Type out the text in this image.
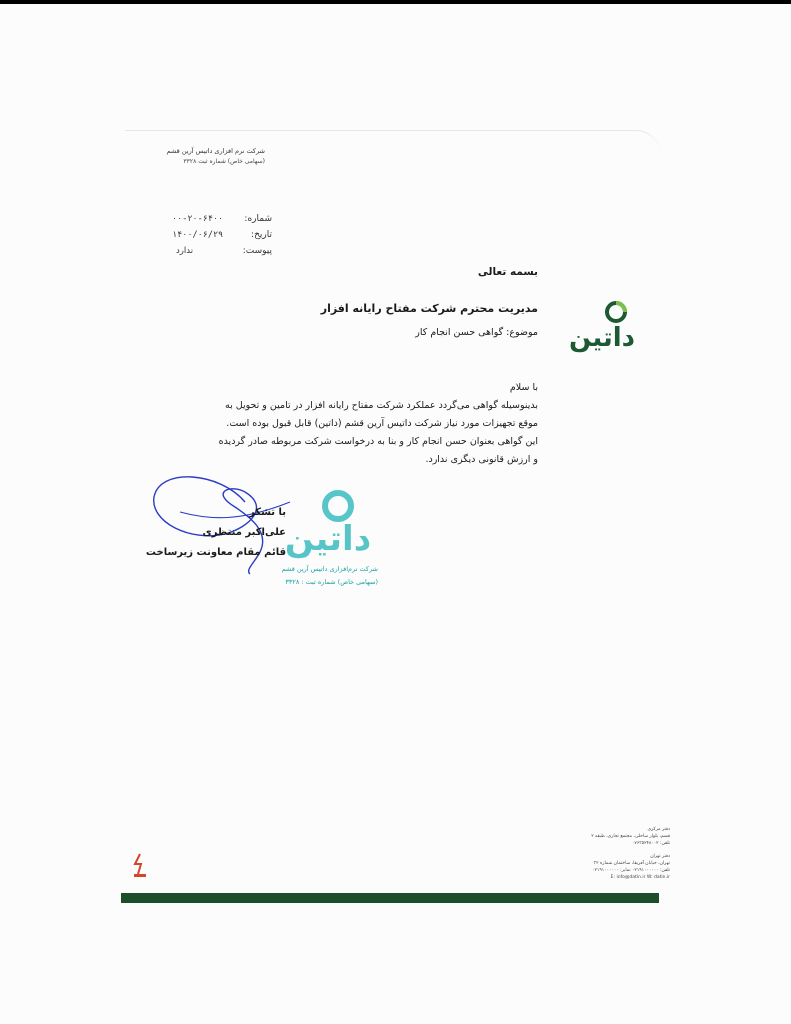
شرکت نرم افزاری داتیس آرین قشم
(سهامی خاص) شماره ثبت ۳۳۲۸
شماره:
۰۰-۲۰-۶۴۰۰
تاریخ:
۱۴۰۰/۰۶/۲۹
پیوست:
ندارد
داتین
بسمه تعالی
مدیریت محترم شرکت مفتاح رایانه افزار
موضوع: گواهی حسن انجام کار

با سلام

بدینوسیله گواهی می‌گردد عملکرد شرکت مفتاح رایانه افزار در تامین و تحویل به

موقع تجهیزات مورد نیاز شرکت داتیس آرین قشم (داتین) قابل قبول بوده است.

این گواهی بعنوان حسن انجام کار و بنا به درخواست شرکت مربوطه صادر گردیده

و ارزش قانونی دیگری ندارد.

داتین
شرکت نرم‌افزاری داتیس آرین قشم
(سهامی خاص) شماره ثبت : ۳۳۲۸
با تشکر
علی‌اکبر منتظری
قائم مقام معاونت زیرساخت
دفتر مرکزی
قشم، بلوار ساحلی، مجتمع تجاری، طبقه ۲
تلفن: ۰۷۶۳۵۲۴۸۰۰۲
دفتر تهران
تهران، خیابان آفریقا، ساختمان شماره ۳۲
تلفن: ۰۲۱۹۱۰۰۰۰۰۰ نمابر: ۰۲۱۹۱۰۰۰۰۰۰
E: info@datin.ir W: datin.ir
